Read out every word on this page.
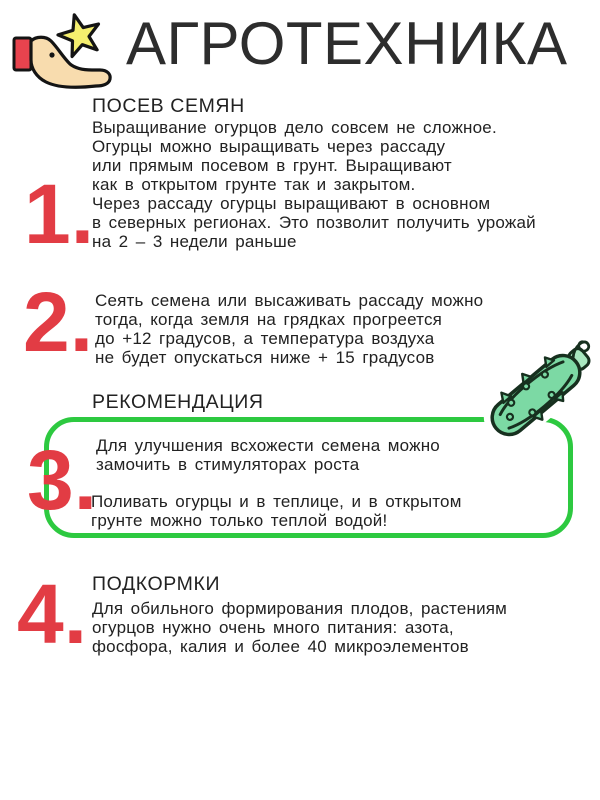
АГРОТЕХНИКА
1.
ПОСЕВ СЕМЯН
Выращивание огурцов дело совсем не сложное.
Огурцы можно выращивать через рассаду
или прямым посевом в грунт. Выращивают
как в открытом грунте так и закрытом.
Через рассаду огурцы выращивают в основном
в северных регионах. Это позволит получить урожай
на 2 – 3 недели раньше
2. Сеять семена или высаживать рассаду можно
тогда, когда земля на грядках прогреется
до +12 градусов, а температура воздуха
не будет опускаться ниже + 15 градусов
РЕКОМЕНДАЦИЯ
3.
Для улучшения всхожести семена можно
замочить в стимуляторах роста
Поливать огурцы и в теплице, и в открытом
грунте можно только теплой водой!
4. ПОДКОРМКИ
Для обильного формирования плодов, растениям
огурцов нужно очень много питания: азота,
фосфора, калия и более 40 микроэлементов
